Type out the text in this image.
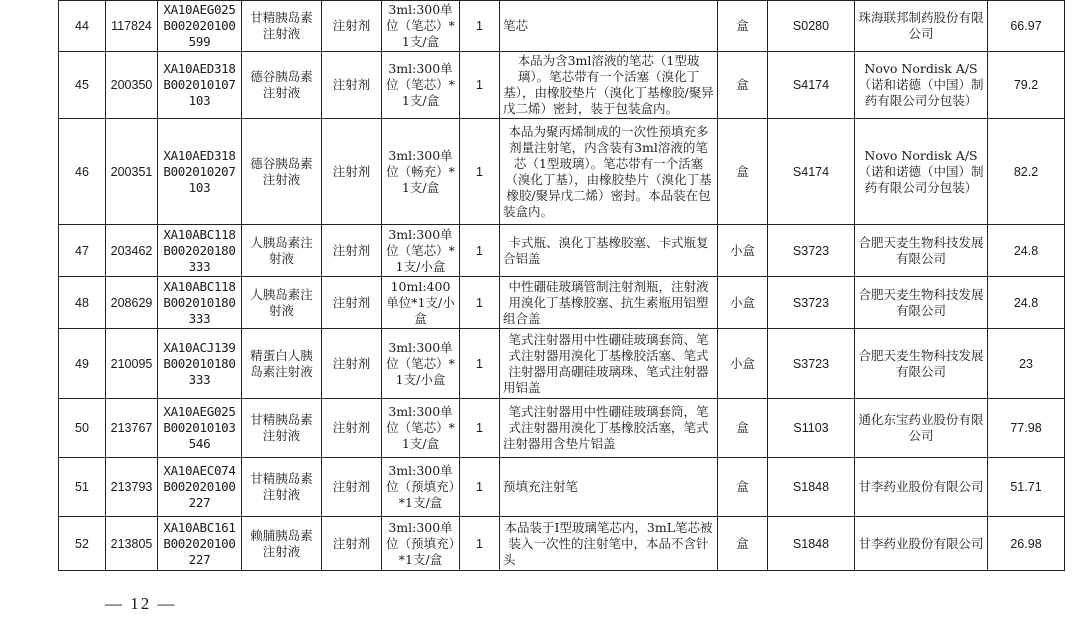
44	117824	XA10AEG025B002020100599	甘精胰岛素注射液	注射剂	3ml:300单位（笔芯）*1支/盒	1	笔芯	盒	S0280	珠海联邦制药股份有限公司	66.97
45	200350	XA10AED318B002010107103	德谷胰岛素注射液	注射剂	3ml:300单位（笔芯）*1支/盒	1	本品为含3ml溶液的笔芯（1型玻璃）。笔芯带有一个活塞（溴化丁基），由橡胶垫片（溴化丁基橡胶/聚异戊二烯）密封，装于包装盒内。	盒	S4174	Novo Nordisk A/S（诺和诺德（中国）制药有限公司分包装）	79.2
46	200351	XA10AED318B002010207103	德谷胰岛素注射液	注射剂	3ml:300单位（畅充）*1支/盒	1	本品为聚丙烯制成的一次性预填充多剂量注射笔，内含装有3ml溶液的笔芯（1型玻璃）。笔芯带有一个活塞（溴化丁基），由橡胶垫片（溴化丁基橡胶/聚异戊二烯）密封。本品装在包装盒内。	盒	S4174	Novo Nordisk A/S（诺和诺德（中国）制药有限公司分包装）	82.2
47	203462	XA10ABC118B002020180333	人胰岛素注射液	注射剂	3ml:300单位（笔芯）*1支/小盒	1	卡式瓶、溴化丁基橡胶塞、卡式瓶复合铝盖	小盒	S3723	合肥天麦生物科技发展有限公司	24.8
48	208629	XA10ABC118B002010180333	人胰岛素注射液	注射剂	10ml:400单位*1支/小盒	1	中性硼硅玻璃管制注射剂瓶，注射液用溴化丁基橡胶塞、抗生素瓶用铝塑组合盖	小盒	S3723	合肥天麦生物科技发展有限公司	24.8
49	210095	XA10ACJ139B002010180333	精蛋白人胰岛素注射液	注射剂	3ml:300单位（笔芯）*1支/小盒	1	笔式注射器用中性硼硅玻璃套筒、笔式注射器用溴化丁基橡胶活塞、笔式注射器用高硼硅玻璃珠、笔式注射器用铝盖	小盒	S3723	合肥天麦生物科技发展有限公司	23
50	213767	XA10AEG025B002010103546	甘精胰岛素注射液	注射剂	3ml:300单位（笔芯）*1支/盒	1	笔式注射器用中性硼硅玻璃套筒，笔式注射器用溴化丁基橡胶活塞，笔式注射器用含垫片铝盖	盒	S1103	通化东宝药业股份有限公司	77.98
51	213793	XA10AEC074B002020100227	甘精胰岛素注射液	注射剂	3ml:300单位（预填充）*1支/盒	1	预填充注射笔	盒	S1848	甘李药业股份有限公司	51.71
52	213805	XA10ABC161B002020100227	赖脯胰岛素注射液	注射剂	3ml:300单位（预填充）*1支/盒	1	本品装于Ⅰ型玻璃笔芯内，3mL笔芯被装入一次性的注射笔中，本品不含针头	盒	S1848	甘李药业股份有限公司	26.98
— 12 —
